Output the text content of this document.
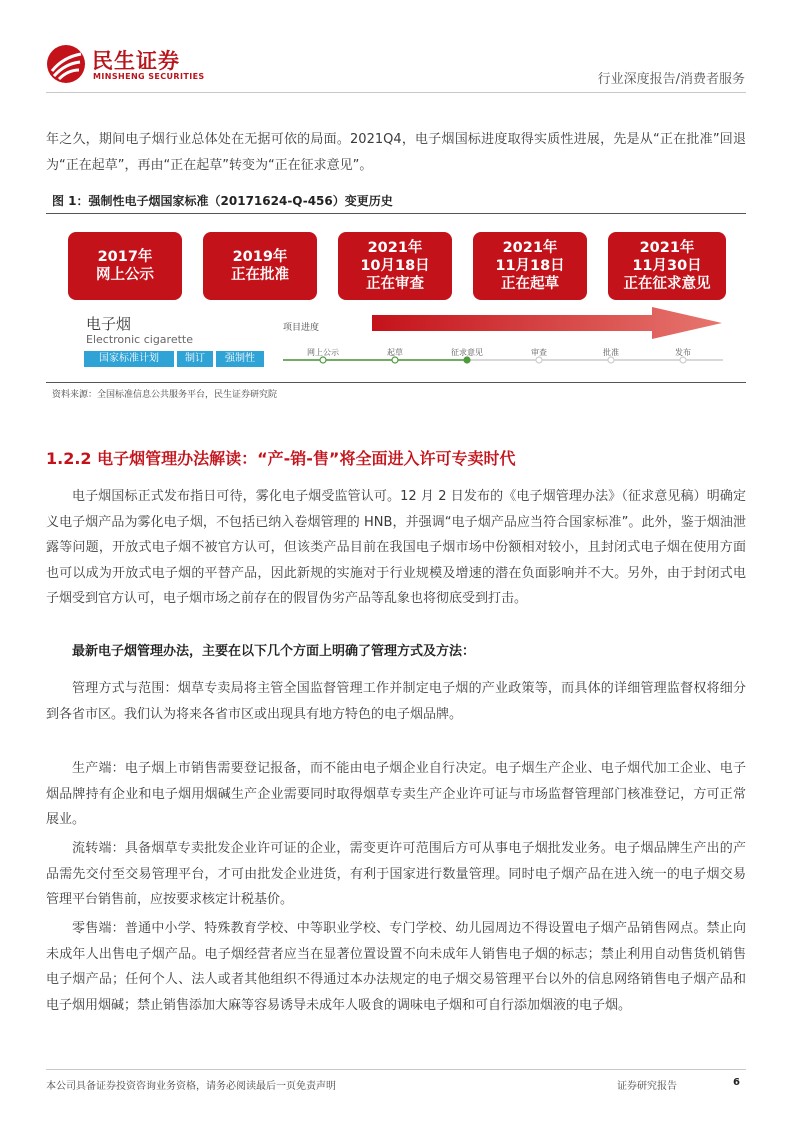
民生证券
MINSHENG SECURITIES	行业深度报告/消费者服务

年之久，期间电子烟行业总体处在无据可依的局面。2021Q4，电子烟国标进度取得实质性进展，先是从“正在批准”回退为“正在起草”，再由“正在起草”转变为“正在征求意见”。

图 1：强制性电子烟国家标准（20171624-Q-456）变更历史
2017年
网上公示
2019年
正在批准
2021年
10月18日
正在审查
2021年
11月18日
正在起草
2021年
11月30日
正在征求意见
电子烟
Electronic cigarette
国家标准计划	制订	强制性
项目进度
网上公示	起草	征求意见	审查	批准	发布
资料来源：全国标准信息公共服务平台，民生证券研究院
1.2.2 电子烟管理办法解读：“产-销-售”将全面进入许可专卖时代

电子烟国标正式发布指日可待，雾化电子烟受监管认可。12 月 2 日发布的《电子烟管理办法》（征求意见稿）明确定义电子烟产品为雾化电子烟，不包括已纳入卷烟管理的 HNB，并强调“电子烟产品应当符合国家标准”。此外，鉴于烟油泄露等问题，开放式电子烟不被官方认可，但该类产品目前在我国电子烟市场中份额相对较小，且封闭式电子烟在使用方面也可以成为开放式电子烟的平替产品，因此新规的实施对于行业规模及增速的潜在负面影响并不大。另外，由于封闭式电子烟受到官方认可，电子烟市场之前存在的假冒伪劣产品等乱象也将彻底受到打击。

最新电子烟管理办法，主要在以下几个方面上明确了管理方式及方法：

管理方式与范围：烟草专卖局将主管全国监督管理工作并制定电子烟的产业政策等，而具体的详细管理监督权将细分到各省市区。我们认为将来各省市区或出现具有地方特色的电子烟品牌。

生产端：电子烟上市销售需要登记报备，而不能由电子烟企业自行决定。电子烟生产企业、电子烟代加工企业、电子烟品牌持有企业和电子烟用烟碱生产企业需要同时取得烟草专卖生产企业许可证与市场监督管理部门核准登记，方可正常展业。

流转端：具备烟草专卖批发企业许可证的企业，需变更许可范围后方可从事电子烟批发业务。电子烟品牌生产出的产品需先交付至交易管理平台，才可由批发企业进货，有利于国家进行数量管理。同时电子烟产品在进入统一的电子烟交易管理平台销售前，应按要求核定计税基价。

零售端：普通中小学、特殊教育学校、中等职业学校、专门学校、幼儿园周边不得设置电子烟产品销售网点。禁止向未成年人出售电子烟产品。电子烟经营者应当在显著位置设置不向未成年人销售电子烟的标志；禁止利用自动售货机销售电子烟产品；任何个人、法人或者其他组织不得通过本办法规定的电子烟交易管理平台以外的信息网络销售电子烟产品和电子烟用烟碱；禁止销售添加大麻等容易诱导未成年人吸食的调味电子烟和可自行添加烟液的电子烟。

本公司具备证券投资咨询业务资格，请务必阅读最后一页免责声明	证券研究报告	6
